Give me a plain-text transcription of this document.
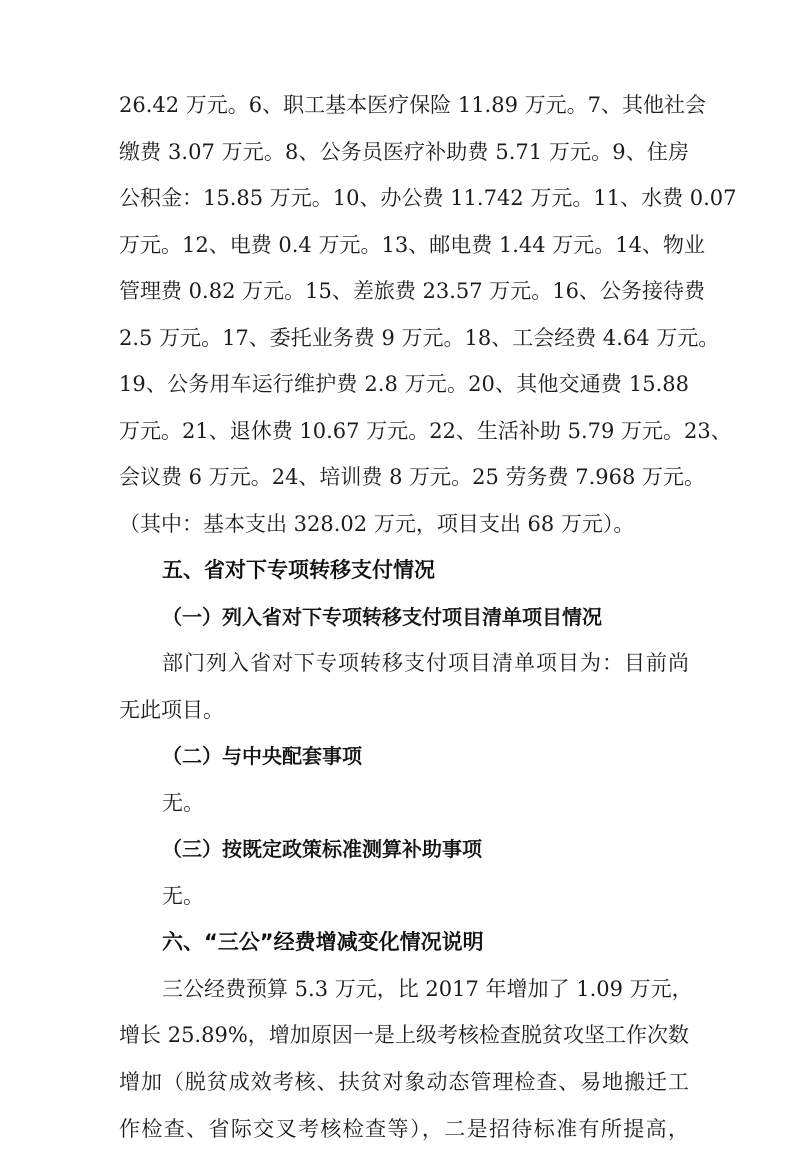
26.42 万元。6、职工基本医疗保险 11.89 万元。7、其他社会
缴费 3.07 万元。8、公务员医疗补助费 5.71 万元。9、住房
公积金：15.85 万元。10、办公费 11.742 万元。11、水费 0.07
万元。12、电费 0.4 万元。13、邮电费 1.44 万元。14、物业
管理费 0.82 万元。15、差旅费 23.57 万元。16、公务接待费
2.5 万元。17、委托业务费 9 万元。18、工会经费 4.64 万元。
19、公务用车运行维护费 2.8 万元。20、其他交通费 15.88
万元。21、退休费 10.67 万元。22、生活补助 5.79 万元。23、
会议费 6 万元。24、培训费 8 万元。25 劳务费 7.968 万元。
（其中：基本支出 328.02 万元，项目支出 68 万元）。
五、省对下专项转移支付情况
（一）列入省对下专项转移支付项目清单项目情况
部门列入省对下专项转移支付项目清单项目为：目前尚
无此项目。
（二）与中央配套事项
无。
（三）按既定政策标准测算补助事项
无。
六、“三公”经费增减变化情况说明
三公经费预算 5.3 万元，比 2017 年增加了 1.09 万元，
增长 25.89%，增加原因一是上级考核检查脱贫攻坚工作次数
增加（脱贫成效考核、扶贫对象动态管理检查、易地搬迁工
作检查、省际交叉考核检查等），二是招待标准有所提高，
